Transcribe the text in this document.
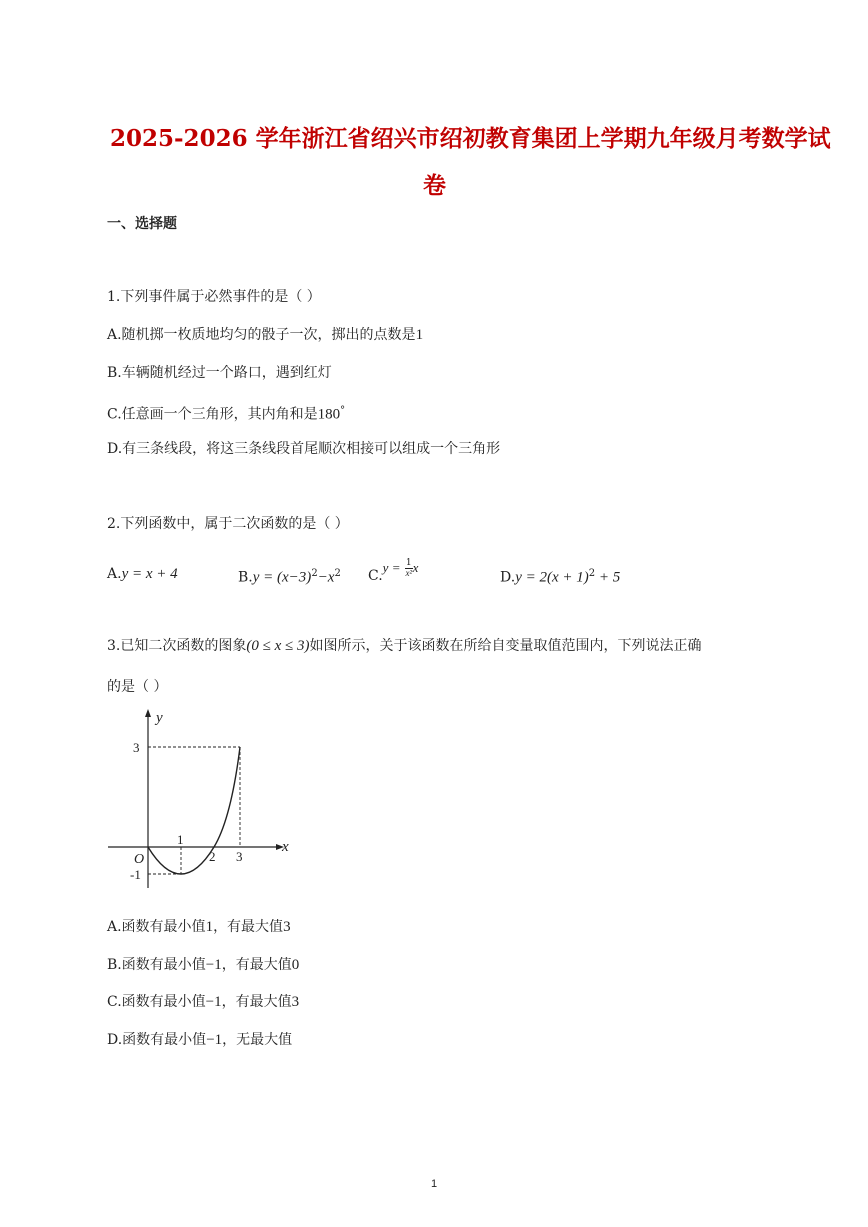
2025-2026 学年浙江省绍兴市绍初教育集团上学期九年级月考数学试
卷
一、选择题
1.下列事件属于必然事件的是（ ）
A.随机掷一枚质地均匀的骰子一次，掷出的点数是1
B.车辆随机经过一个路口，遇到红灯
C.任意画一个三角形，其内角和是180°
D.有三条线段，将这三条线段首尾顺次相接可以组成一个三角形
2.下列函数中，属于二次函数的是（ ）
A.y = x + 4	$B.y = (x-3)^2-x^2$ $C.y = \frac{1}{\text{x²}}$ x
$D.y = 2(x + 1)^2 + 5$
3.已知二次函数的图象(0 ≤ x ≤ 3)如图所示，关于该函数在所给自变量取值范围内，下列说法正确
的是（ ）
y
x
O
1
2 3
3
-1
A.函数有最小值1，有最大值3
B.函数有最小值−1，有最大值0
C.函数有最小值−1，有最大值3
D.函数有最小值−1，无最大值
1
